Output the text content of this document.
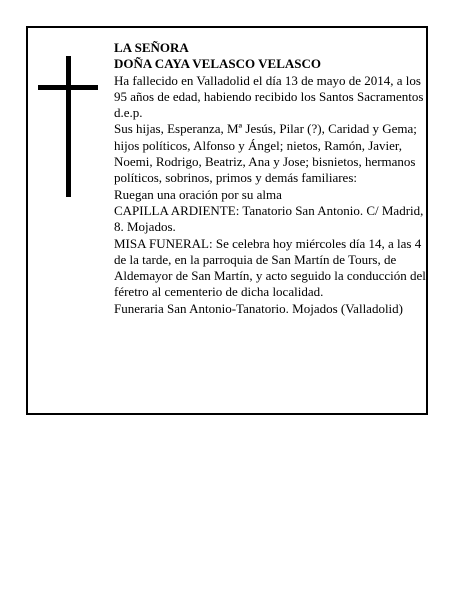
LA SEÑORA

DOÑA CAYA VELASCO VELASCO

Ha fallecido en Valladolid el día 13 de mayo de 2014, a los 95 años de edad, habiendo recibido los Santos Sacramentos

d.e.p.

Sus hijas, Esperanza, Mª Jesús, Pilar (?), Caridad y Gema; hijos políticos, Alfonso y Ángel; nietos, Ramón, Javier, Noemi, Rodrigo, Beatriz, Ana y Jose; bisnietos, hermanos políticos, sobrinos, primos y demás familiares:

Ruegan una oración por su alma

CAPILLA ARDIENTE: Tanatorio San Antonio. C/ Madrid, 8. Mojados.

MISA FUNERAL: Se celebra hoy miércoles día 14, a las 4 de la tarde, en la parroquia de San Martín de Tours, de Aldemayor de San Martín, y acto seguido la conducción del féretro al cementerio de dicha localidad.

Funeraria San Antonio-Tanatorio. Mojados (Valladolid)
